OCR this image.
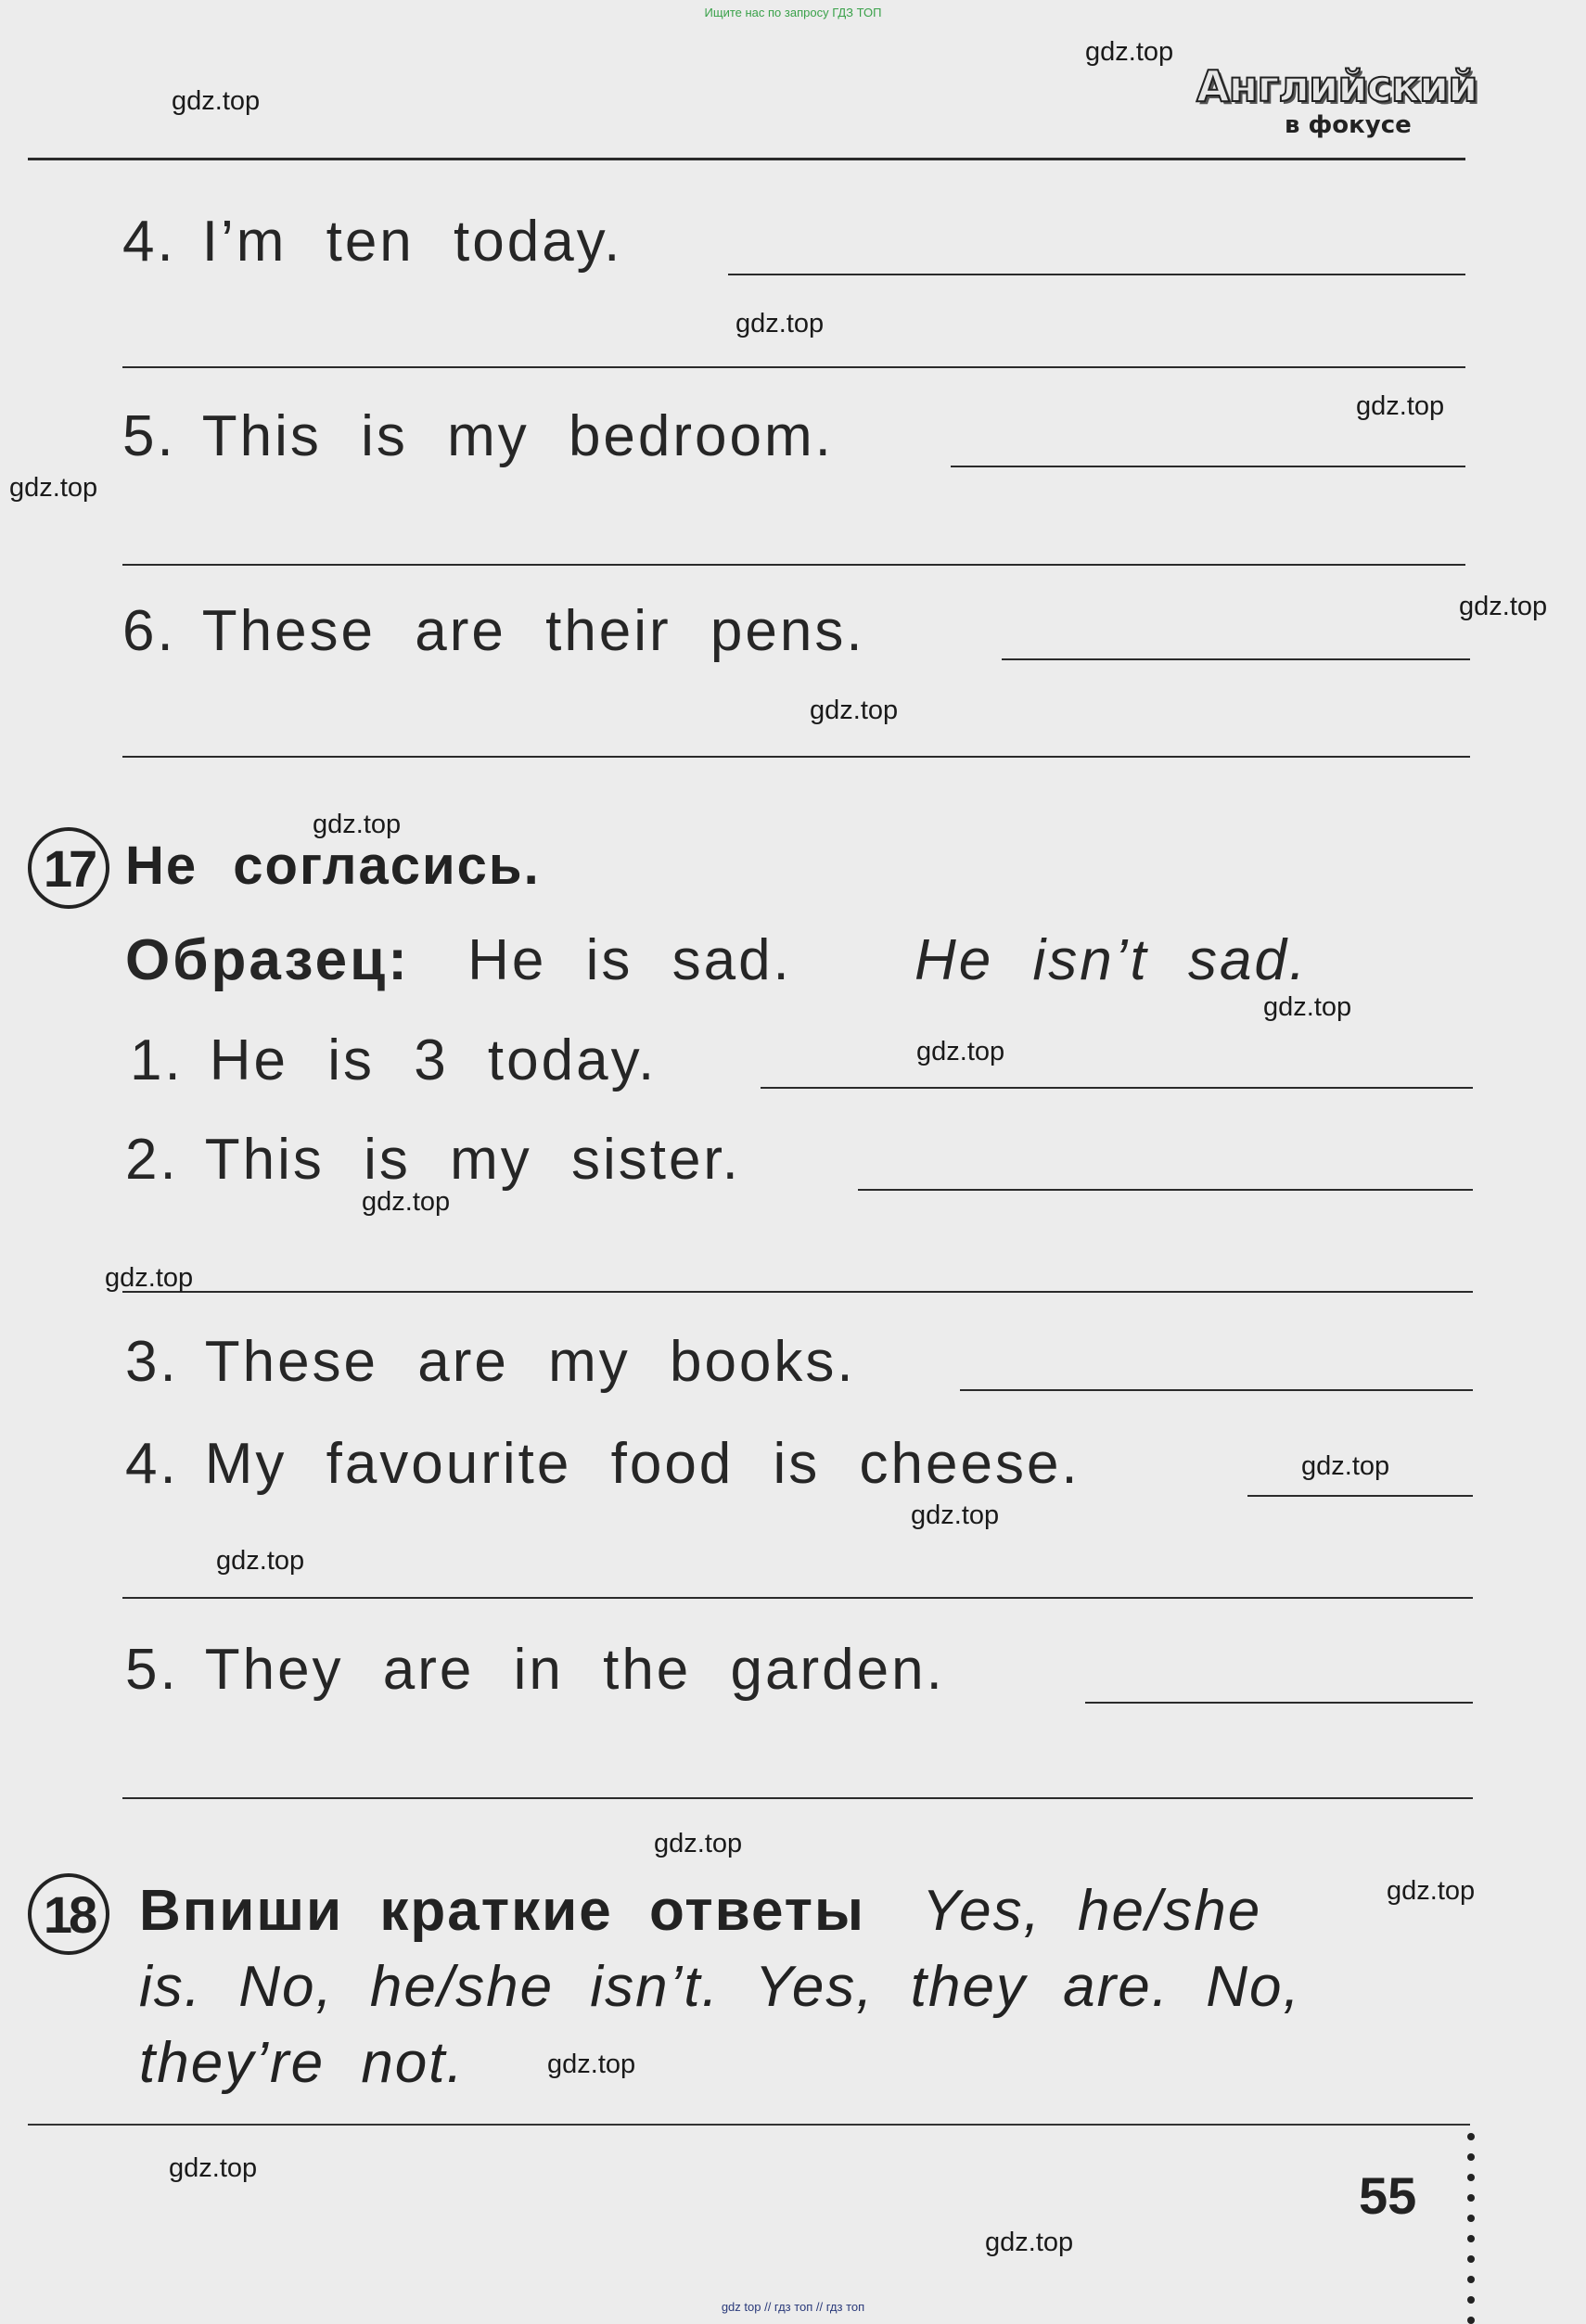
Ищите нас по запросу ГДЗ ТОП
gdz top // гдз топ // гдз топ
Английский
в фокусе
4. I’m ten today.
5. This is my bedroom.
6. These are their pens.
17 Не согласись.
Образец: He is sad. He isn’t sad.
1. He is 3 today.
2. This is my sister.
3. These are my books.
4. My favourite food is cheese.
5. They are in the garden.
18 Впиши краткие ответы Yes, he/she
is. No, he/she isn’t. Yes, they are. No,
they’re not.
55
gdz.top
gdz.top
gdz.top
gdz.top
gdz.top
gdz.top
gdz.top
gdz.top
gdz.top
gdz.top
gdz.top
gdz.top
gdz.top
gdz.top
gdz.top
gdz.top
gdz.top
gdz.top
gdz.top
gdz.top
